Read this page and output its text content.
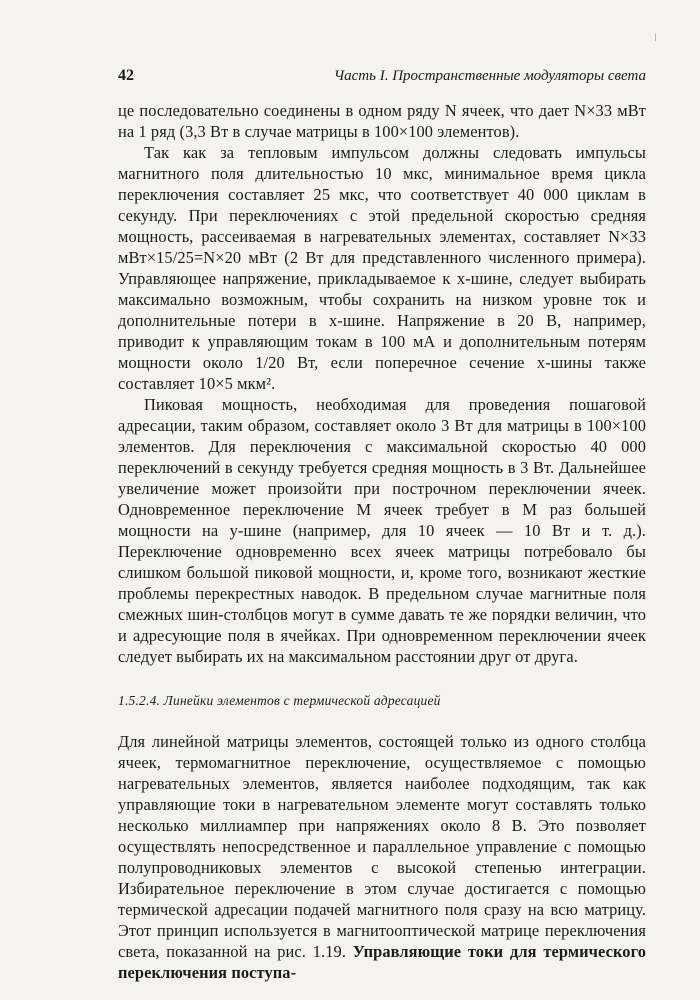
42	Часть I. Пространственные модуляторы света

це последовательно соединены в одном ряду N ячеек, что дает N×33 мВт на 1 ряд (3,3 Вт в случае матрицы в 100×100 элементов).

Так как за тепловым импульсом должны следовать импульсы магнитного поля длительностью 10 мкс, минимальное время цикла переключения составляет 25 мкс, что соответствует 40 000 циклам в секунду. При переключениях с этой предельной скоростью средняя мощность, рассеиваемая в нагревательных элементах, составляет N×33 мВт×15/25=N×20 мВт (2 Вт для представленного численного примера). Управляющее напряжение, прикладываемое к x-шине, следует выбирать максимально возможным, чтобы сохранить на низком уровне ток и дополнительные потери в x-шине. Напряжение в 20 В, например, приводит к управляющим токам в 100 мА и дополнительным потерям мощности около 1/20 Вт, если поперечное сечение x-шины также составляет 10×5 мкм².

Пиковая мощность, необходимая для проведения пошаговой адресации, таким образом, составляет около 3 Вт для матрицы в 100×100 элементов. Для переключения с максимальной скоростью 40 000 переключений в секунду требуется средняя мощность в 3 Вт. Дальнейшее увеличение может произойти при построчном переключении ячеек. Одновременное переключение M ячеек требует в M раз большей мощности на y-шине (например, для 10 ячеек — 10 Вт и т. д.). Переключение одновременно всех ячеек матрицы потребовало бы слишком большой пиковой мощности, и, кроме того, возникают жесткие проблемы перекрестных наводок. В предельном случае магнитные поля смежных шин-столбцов могут в сумме давать те же порядки величин, что и адресующие поля в ячейках. При одновременном переключении ячеек следует выбирать их на максимальном расстоянии друг от друга.

1.5.2.4. Линейки элементов с термической адресацией

Для линейной матрицы элементов, состоящей только из одного столбца ячеек, термомагнитное переключение, осуществляемое с помощью нагревательных элементов, является наиболее подходящим, так как управляющие токи в нагревательном элементе могут составлять только несколько миллиампер при напряжениях около 8 В. Это позволяет осуществлять непосредственное и параллельное управление с помощью полупроводниковых элементов с высокой степенью интеграции. Избирательное переключение в этом случае достигается с помощью термической адресации подачей магнитного поля сразу на всю матрицу. Этот принцип используется в магнитооптической матрице переключения света, показанной на рис. 1.19. Управляющие токи для термического переключения поступа-
